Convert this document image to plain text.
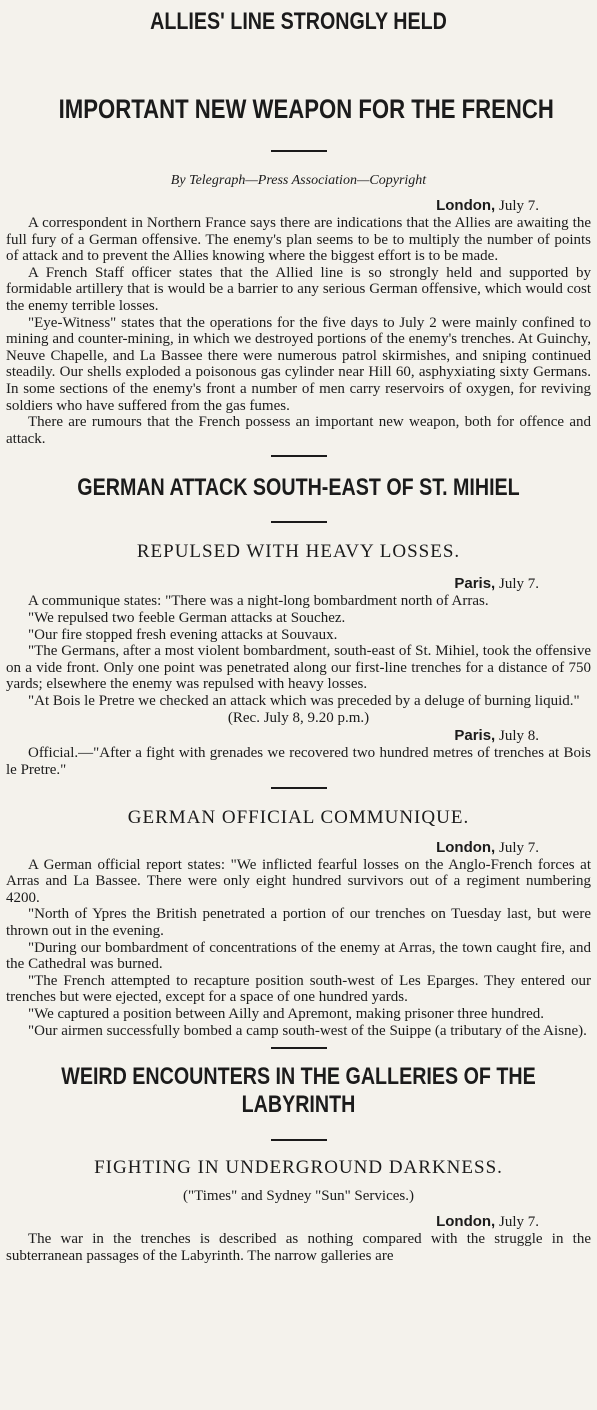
ALLIES' LINE STRONGLY HELD
IMPORTANT NEW WEAPON FOR THE FRENCH
By Telegraph—Press Association—Copyright
London, July 7.

A correspondent in Northern France says there are indications that the Allies are awaiting the full fury of a German offensive. The enemy's plan seems to be to multiply the number of points of attack and to prevent the Allies knowing where the biggest effort is to be made.

A French Staff officer states that the Allied line is so strongly held and supported by formidable artillery that is would be a barrier to any serious German offensive, which would cost the enemy terrible losses.

"Eye-Witness" states that the operations for the five days to July 2 were mainly confined to mining and counter-mining, in which we destroyed portions of the enemy's trenches. At Guinchy, Neuve Chapelle, and La Bassee there were numerous patrol skirmishes, and sniping continued steadily. Our shells exploded a poisonous gas cylinder near Hill 60, asphyxiating sixty Germans. In some sections of the enemy's front a number of men carry reservoirs of oxygen, for reviving soldiers who have suffered from the gas fumes.

There are rumours that the French possess an important new weapon, both for offence and attack.

GERMAN ATTACK SOUTH-EAST OF ST. MIHIEL
REPULSED WITH HEAVY LOSSES.
Paris, July 7.

A communique states: "There was a night-long bombardment north of Arras.

"We repulsed two feeble German attacks at Souchez.

"Our fire stopped fresh evening attacks at Souvaux.

"The Germans, after a most violent bombardment, south-east of St. Mihiel, took the offensive on a vide front. Only one point was penetrated along our first-line trenches for a distance of 750 yards; elsewhere the enemy was repulsed with heavy losses.

"At Bois le Pretre we checked an attack which was preceded by a deluge of burning liquid."

(Rec. July 8, 9.20 p.m.)
Paris, July 8.

Official.—"After a fight with grenades we recovered two hundred metres of trenches at Bois le Pretre."

GERMAN OFFICIAL COMMUNIQUE.
London, July 7.

A German official report states: "We inflicted fearful losses on the Anglo-French forces at Arras and La Bassee. There were only eight hundred survivors out of a regiment numbering 4200.

"North of Ypres the British penetrated a portion of our trenches on Tuesday last, but were thrown out in the evening.

"During our bombardment of concentrations of the enemy at Arras, the town caught fire, and the Cathedral was burned.

"The French attempted to recapture position south-west of Les Eparges. They entered our trenches but were ejected, except for a space of one hundred yards.

"We captured a position between Ailly and Apremont, making prisoner three hundred.

"Our airmen successfully bombed a camp south-west of the Suippe (a tributary of the Aisne).

WEIRD ENCOUNTERS IN THE GALLERIES OF THE
LABYRINTH
FIGHTING IN UNDERGROUND DARKNESS.
("Times" and Sydney "Sun" Services.)
London, July 7.

The war in the trenches is described as nothing compared with the struggle in the subterranean passages of the Labyrinth. The narrow galleries are
